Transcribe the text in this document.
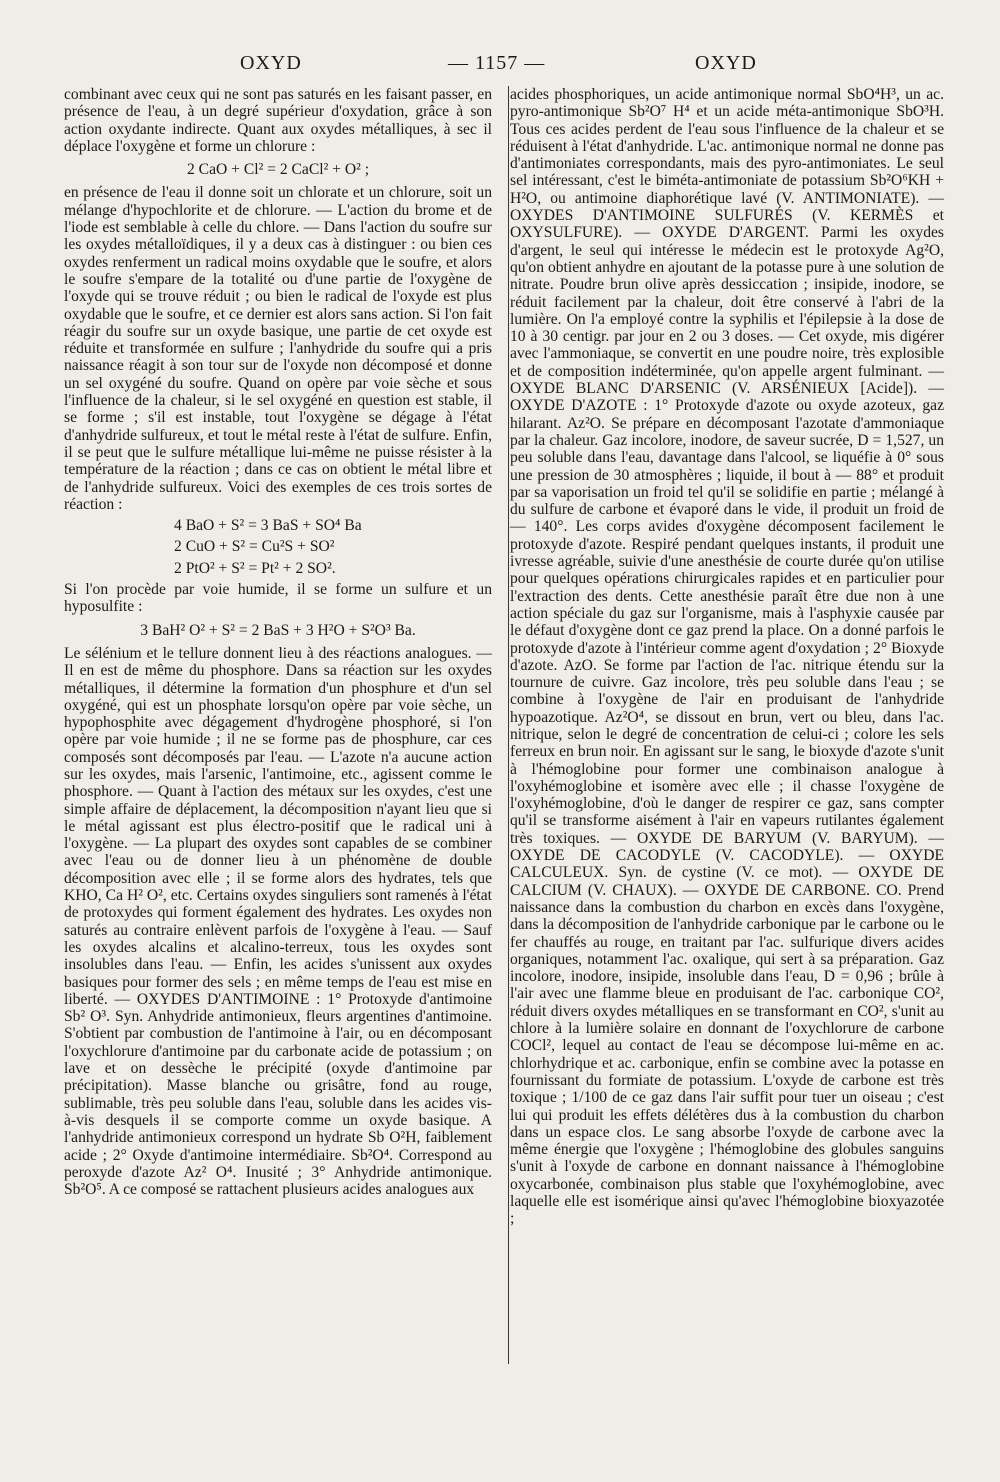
OXYD	— 1157 —	OXYD

combinant avec ceux qui ne sont pas saturés en les faisant passer, en présence de l'eau, à un degré supérieur d'oxydation, grâce à son action oxydante indirecte. Quant aux oxydes métalliques, à sec il déplace l'oxygène et forme un chlorure :

2 CaO + Cl² = 2 CaCl² + O² ;

en présence de l'eau il donne soit un chlorate et un chlorure, soit un mélange d'hypochlorite et de chlorure. — L'action du brome et de l'iode est semblable à celle du chlore. — Dans l'action du soufre sur les oxydes métalloïdiques, il y a deux cas à distinguer : ou bien ces oxydes renferment un radical moins oxydable que le soufre, et alors le soufre s'empare de la totalité ou d'une partie de l'oxygène de l'oxyde qui se trouve réduit ; ou bien le radical de l'oxyde est plus oxydable que le soufre, et ce dernier est alors sans action. Si l'on fait réagir du soufre sur un oxyde basique, une partie de cet oxyde est réduite et transformée en sulfure ; l'anhydride du soufre qui a pris naissance réagit à son tour sur de l'oxyde non décomposé et donne un sel oxygéné du soufre. Quand on opère par voie sèche et sous l'influence de la chaleur, si le sel oxygéné en question est stable, il se forme ; s'il est instable, tout l'oxygène se dégage à l'état d'anhydride sulfureux, et tout le métal reste à l'état de sulfure. Enfin, il se peut que le sulfure métallique lui-même ne puisse résister à la température de la réaction ; dans ce cas on obtient le métal libre et de l'anhydride sulfureux. Voici des exemples de ces trois sortes de réaction :

4 BaO + S² = 3 BaS + SO⁴ Ba

2 CuO + S² = Cu²S + SO²

2 PtO² + S² = Pt² + 2 SO².

Si l'on procède par voie humide, il se forme un sulfure et un hyposulfite :

3 BaH² O² + S² = 2 BaS + 3 H²O + S²O³ Ba.

Le sélénium et le tellure donnent lieu à des réactions analogues. — Il en est de même du phosphore. Dans sa réaction sur les oxydes métalliques, il détermine la formation d'un phosphure et d'un sel oxygéné, qui est un phosphate lorsqu'on opère par voie sèche, un hypophosphite avec dégagement d'hydrogène phosphoré, si l'on opère par voie humide ; il ne se forme pas de phosphure, car ces composés sont décomposés par l'eau. — L'azote n'a aucune action sur les oxydes, mais l'arsenic, l'antimoine, etc., agissent comme le phosphore. — Quant à l'action des métaux sur les oxydes, c'est une simple affaire de déplacement, la décomposition n'ayant lieu que si le métal agissant est plus électro-positif que le radical uni à l'oxygène. — La plupart des oxydes sont capables de se combiner avec l'eau ou de donner lieu à un phénomène de double décomposition avec elle ; il se forme alors des hydrates, tels que KHO, Ca H² O², etc. Certains oxydes singuliers sont ramenés à l'état de protoxydes qui forment également des hydrates. Les oxydes non saturés au contraire enlèvent parfois de l'oxygène à l'eau. — Sauf les oxydes alcalins et alcalino-terreux, tous les oxydes sont insolubles dans l'eau. — Enfin, les acides s'unissent aux oxydes basiques pour former des sels ; en même temps de l'eau est mise en liberté. — OXYDES D'ANTIMOINE : 1° Protoxyde d'antimoine Sb² O³. Syn. Anhydride antimonieux, fleurs argentines d'antimoine. S'obtient par combustion de l'antimoine à l'air, ou en décomposant l'oxychlorure d'antimoine par du carbonate acide de potassium ; on lave et on dessèche le précipité (oxyde d'antimoine par précipitation). Masse blanche ou grisâtre, fond au rouge, sublimable, très peu soluble dans l'eau, soluble dans les acides vis-à-vis desquels il se comporte comme un oxyde basique. A l'anhydride antimonieux correspond un hydrate Sb O²H, faiblement acide ; 2° Oxyde d'antimoine intermédiaire. Sb²O⁴. Correspond au peroxyde d'azote Az² O⁴. Inusité ; 3° Anhydride antimonique. Sb²O⁵. A ce composé se rattachent plusieurs acides analogues aux

acides phosphoriques, un acide antimonique normal SbO⁴H³, un ac. pyro-antimonique Sb²O⁷ H⁴ et un acide méta-antimonique SbO³H. Tous ces acides perdent de l'eau sous l'influence de la chaleur et se réduisent à l'état d'anhydride. L'ac. antimonique normal ne donne pas d'antimoniates correspondants, mais des pyro-antimoniates. Le seul sel intéressant, c'est le biméta-antimoniate de potassium Sb²O⁶KH + H²O, ou antimoine diaphorétique lavé (V. ANTIMONIATE). — OXYDES D'ANTIMOINE SULFURÉS (V. KERMÈS et OXYSULFURE). — OXYDE D'ARGENT. Parmi les oxydes d'argent, le seul qui intéresse le médecin est le protoxyde Ag²O, qu'on obtient anhydre en ajoutant de la potasse pure à une solution de nitrate. Poudre brun olive après dessiccation ; insipide, inodore, se réduit facilement par la chaleur, doit être conservé à l'abri de la lumière. On l'a employé contre la syphilis et l'épilepsie à la dose de 10 à 30 centigr. par jour en 2 ou 3 doses. — Cet oxyde, mis digérer avec l'ammoniaque, se convertit en une poudre noire, très explosible et de composition indéterminée, qu'on appelle argent fulminant. — OXYDE BLANC D'ARSENIC (V. ARSÉNIEUX [Acide]). — OXYDE D'AZOTE : 1° Protoxyde d'azote ou oxyde azoteux, gaz hilarant. Az²O. Se prépare en décomposant l'azotate d'ammoniaque par la chaleur. Gaz incolore, inodore, de saveur sucrée, D = 1,527, un peu soluble dans l'eau, davantage dans l'alcool, se liquéfie à 0° sous une pression de 30 atmosphères ; liquide, il bout à — 88° et produit par sa vaporisation un froid tel qu'il se solidifie en partie ; mélangé à du sulfure de carbone et évaporé dans le vide, il produit un froid de — 140°. Les corps avides d'oxygène décomposent facilement le protoxyde d'azote. Respiré pendant quelques instants, il produit une ivresse agréable, suivie d'une anesthésie de courte durée qu'on utilise pour quelques opérations chirurgicales rapides et en particulier pour l'extraction des dents. Cette anesthésie paraît être due non à une action spéciale du gaz sur l'organisme, mais à l'asphyxie causée par le défaut d'oxygène dont ce gaz prend la place. On a donné parfois le protoxyde d'azote à l'intérieur comme agent d'oxydation ; 2° Bioxyde d'azote. AzO. Se forme par l'action de l'ac. nitrique étendu sur la tournure de cuivre. Gaz incolore, très peu soluble dans l'eau ; se combine à l'oxygène de l'air en produisant de l'anhydride hypoazotique. Az²O⁴, se dissout en brun, vert ou bleu, dans l'ac. nitrique, selon le degré de concentration de celui-ci ; colore les sels ferreux en brun noir. En agissant sur le sang, le bioxyde d'azote s'unit à l'hémoglobine pour former une combinaison analogue à l'oxyhémoglobine et isomère avec elle ; il chasse l'oxygène de l'oxyhémoglobine, d'où le danger de respirer ce gaz, sans compter qu'il se transforme aisément à l'air en vapeurs rutilantes également très toxiques. — OXYDE DE BARYUM (V. BARYUM). — OXYDE DE CACODYLE (V. CACODYLE). — OXYDE CALCULEUX. Syn. de cystine (V. ce mot). — OXYDE DE CALCIUM (V. CHAUX). — OXYDE DE CARBONE. CO. Prend naissance dans la combustion du charbon en excès dans l'oxygène, dans la décomposition de l'anhydride carbonique par le carbone ou le fer chauffés au rouge, en traitant par l'ac. sulfurique divers acides organiques, notamment l'ac. oxalique, qui sert à sa préparation. Gaz incolore, inodore, insipide, insoluble dans l'eau, D = 0,96 ; brûle à l'air avec une flamme bleue en produisant de l'ac. carbonique CO², réduit divers oxydes métalliques en se transformant en CO², s'unit au chlore à la lumière solaire en donnant de l'oxychlorure de carbone COCl², lequel au contact de l'eau se décompose lui-même en ac. chlorhydrique et ac. carbonique, enfin se combine avec la potasse en fournissant du formiate de potassium. L'oxyde de carbone est très toxique ; 1/100 de ce gaz dans l'air suffit pour tuer un oiseau ; c'est lui qui produit les effets délétères dus à la combustion du charbon dans un espace clos. Le sang absorbe l'oxyde de carbone avec la même énergie que l'oxygène ; l'hémoglobine des globules sanguins s'unit à l'oxyde de carbone en donnant naissance à l'hémoglobine oxycarbonée, combinaison plus stable que l'oxyhémoglobine, avec laquelle elle est isomérique ainsi qu'avec l'hémoglobine bioxyazotée ;
